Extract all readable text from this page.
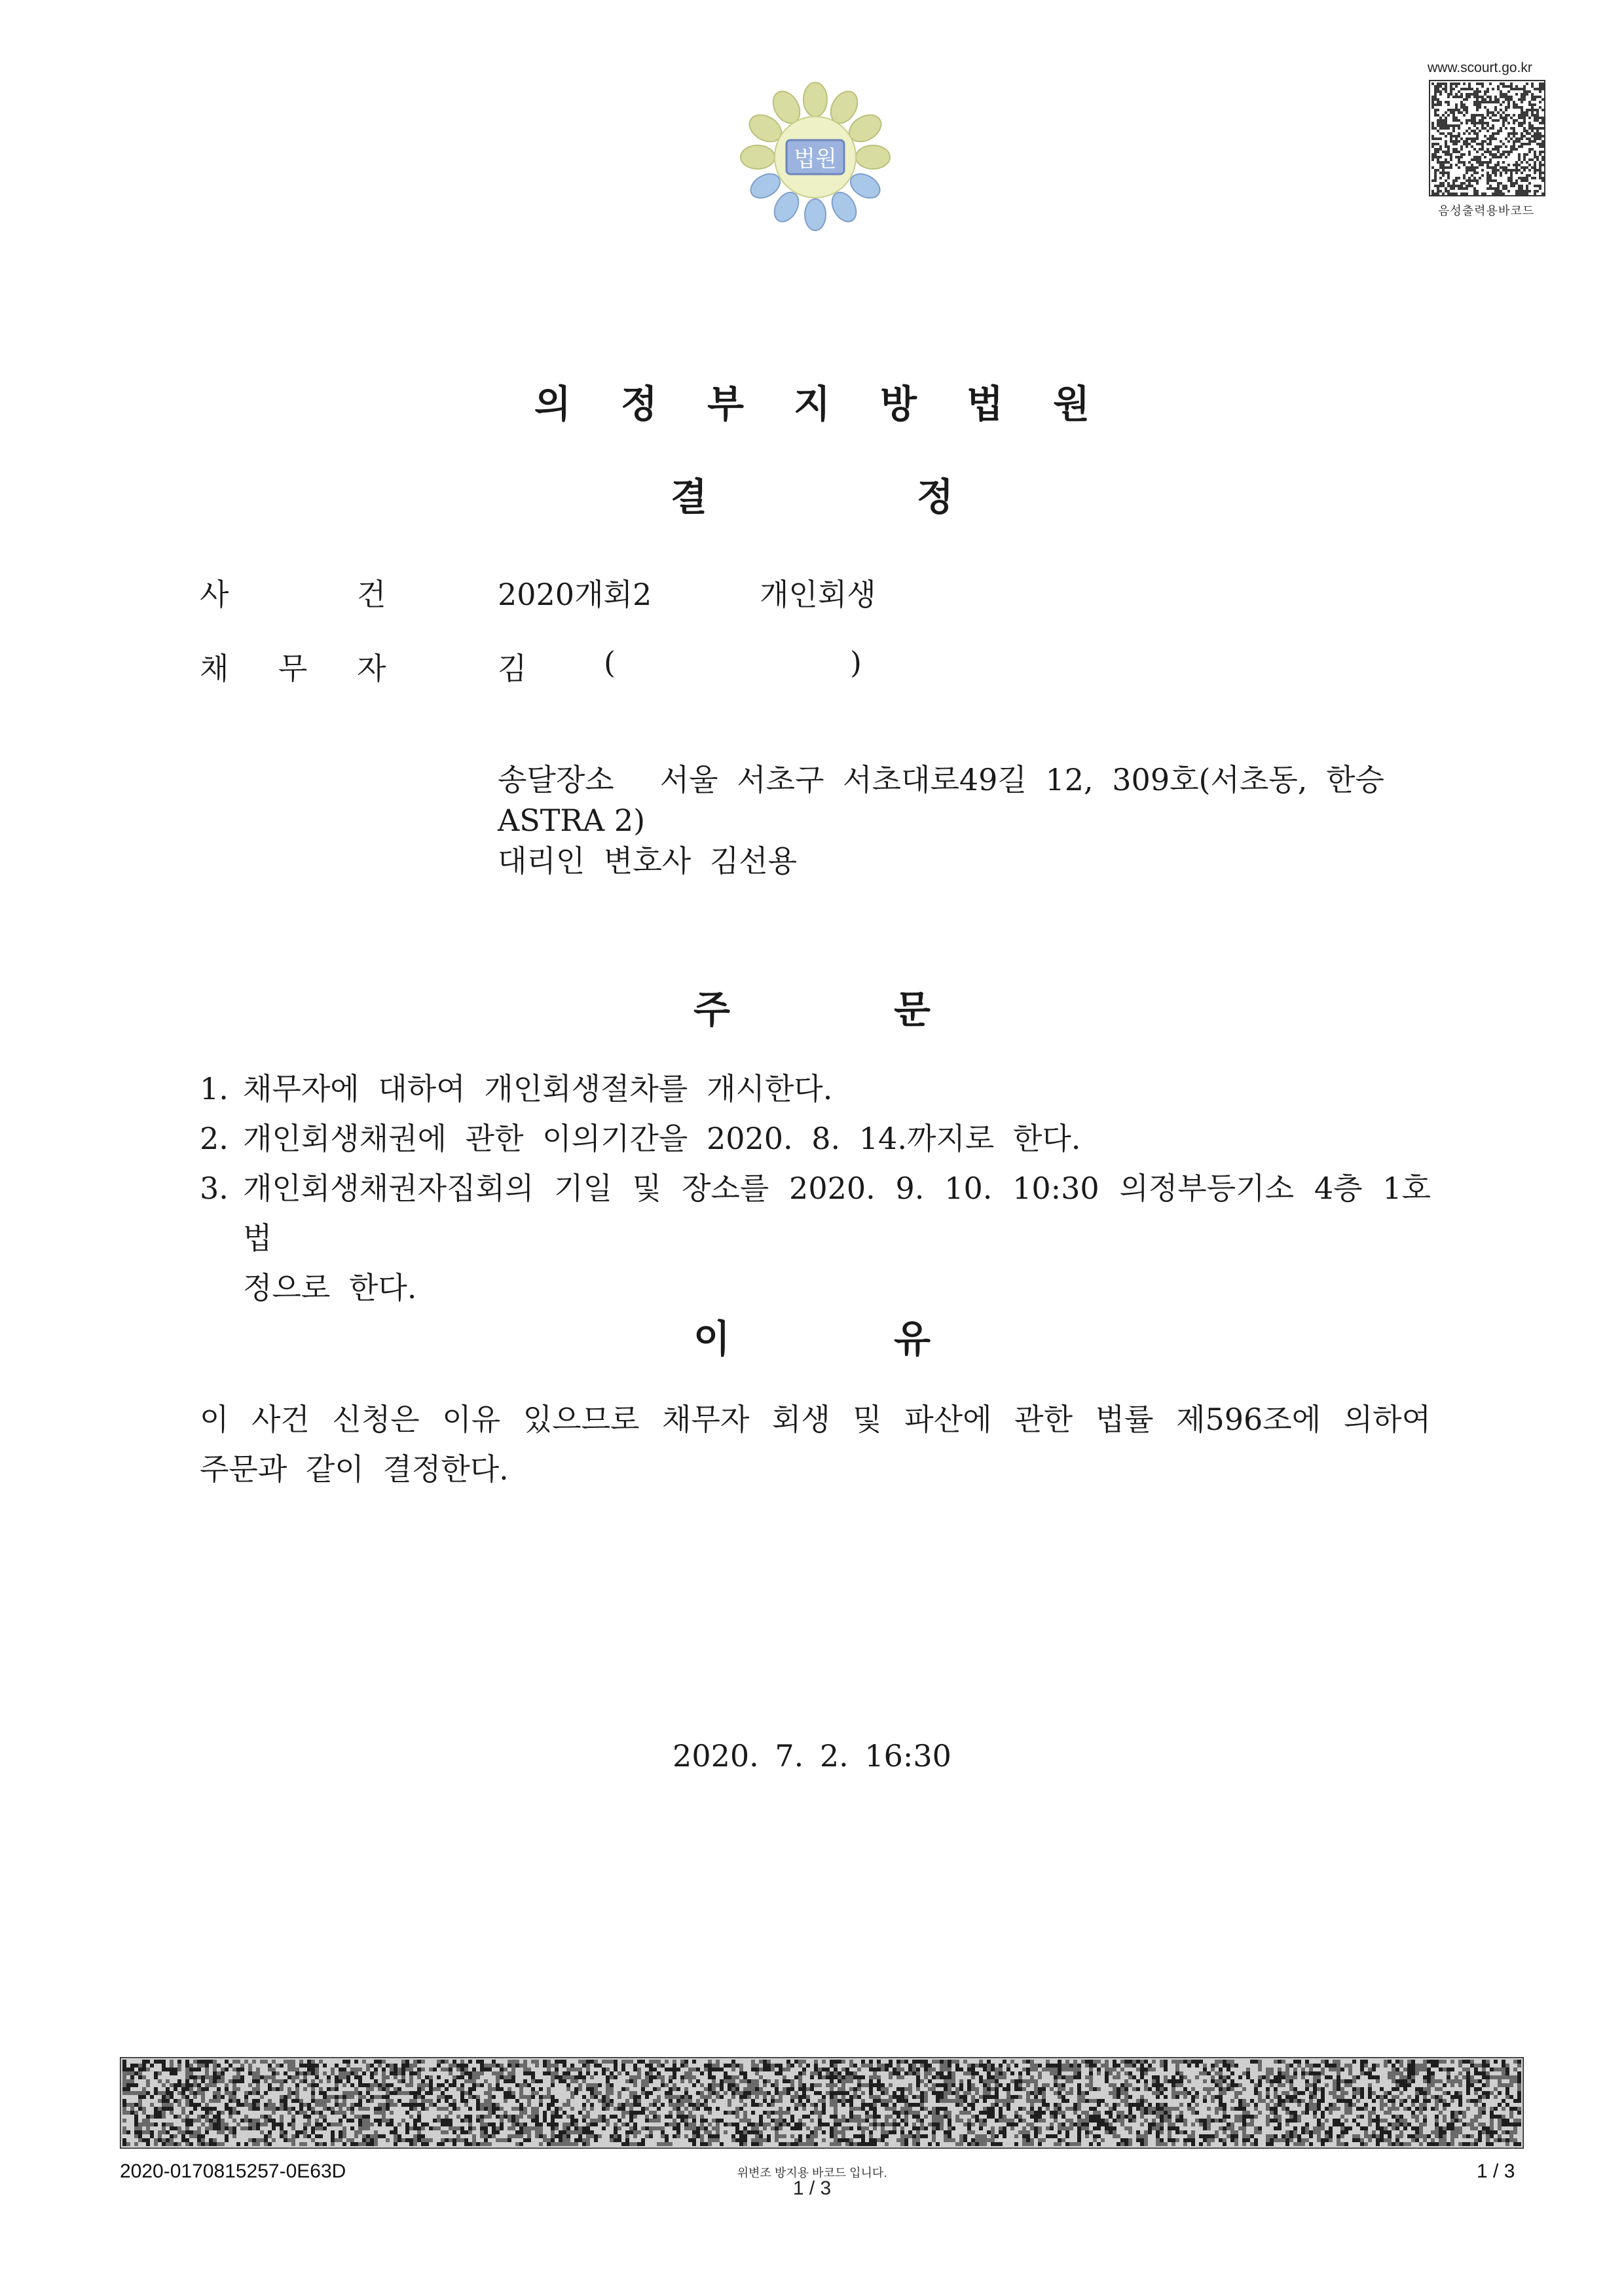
법원
www.scourt.go.kr
음성출력용바코드
의 정 부 지 방 법 원
결	정
사	건	2020개회2	개인회생
채 무 자	김	(	)
송달장소 서울 서초구 서초대로49길 12, 309호(서초동, 한승
ASTRA 2)
대리인 변호사 김선용
주	문
1. 채무자에 대하여 개인회생절차를 개시한다.
2. 개인회생채권에 관한 이의기간을 2020. 8. 14.까지로 한다.
3. 개인회생채권자집회의 기일 및 장소를 2020. 9. 10. 10:30 의정부등기소 4층 1호법
정으로 한다.
이	유
이 사건 신청은 이유 있으므로 채무자 회생 및 파산에 관한 법률 제596조에 의하여
주문과 같이 결정한다.
2020. 7. 2. 16:30
2020-0170815257-0E63D	위변조 방지용 바코드 입니다.
1 / 3
1 / 3
